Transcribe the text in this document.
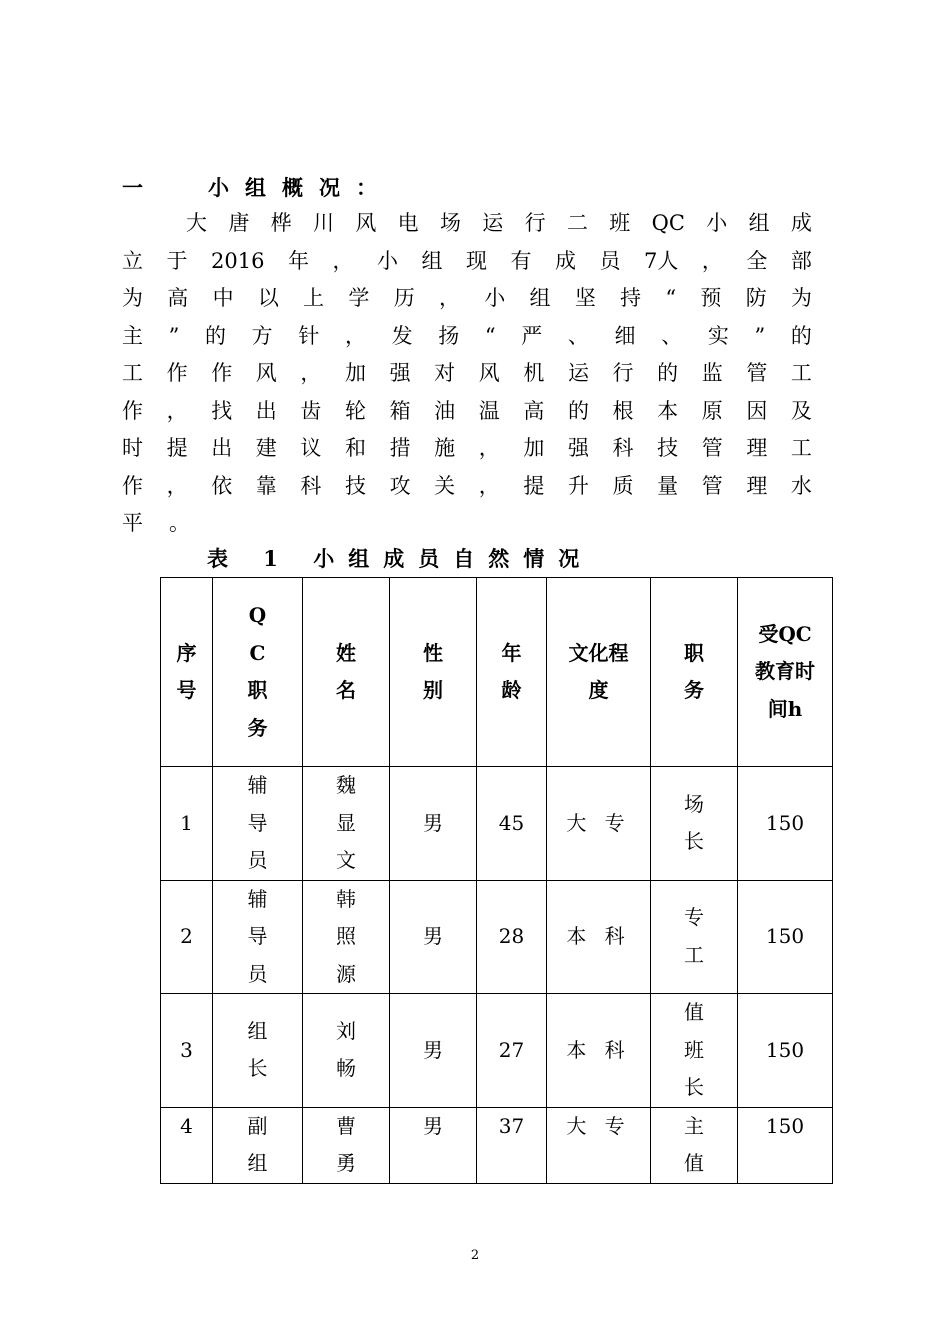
一	小组概况：
大 唐 桦 川 风 电 场 运 行 二 班 QC 小 组 成
立 于 2016 年 ， 小 组 现 有 成 员 7人 ， 全 部
为 高 中 以 上 学 历 ， 小 组 坚 持 “ 预 防 为
主 ” 的 方 针 ， 发 扬 “ 严 、 细 、 实 ” 的
工 作 作 风 ， 加 强 对 风 机 运 行 的 监 管 工
作 ， 找 出 齿 轮 箱 油 温 高 的 根 本 原 因 及
时 提 出 建 议 和 措 施 ， 加 强 科 技 管 理 工
作 ， 依 靠 科 技 攻 关 ， 提 升 质 量 管 理 水
平 。
表 1 小组成员自然情况
序号	QC职务	姓名	性别	年龄	文化程度	职务	受QC教育时间h
1	辅导员	魏显文	男	45	大 专	场长	150
2	辅导员	韩照源	男	28	本 科	专工	150
3	组长	刘畅	男	27	本 科	值班长	150
4	副组	曹勇	男	37	大 专	主值	150
2
